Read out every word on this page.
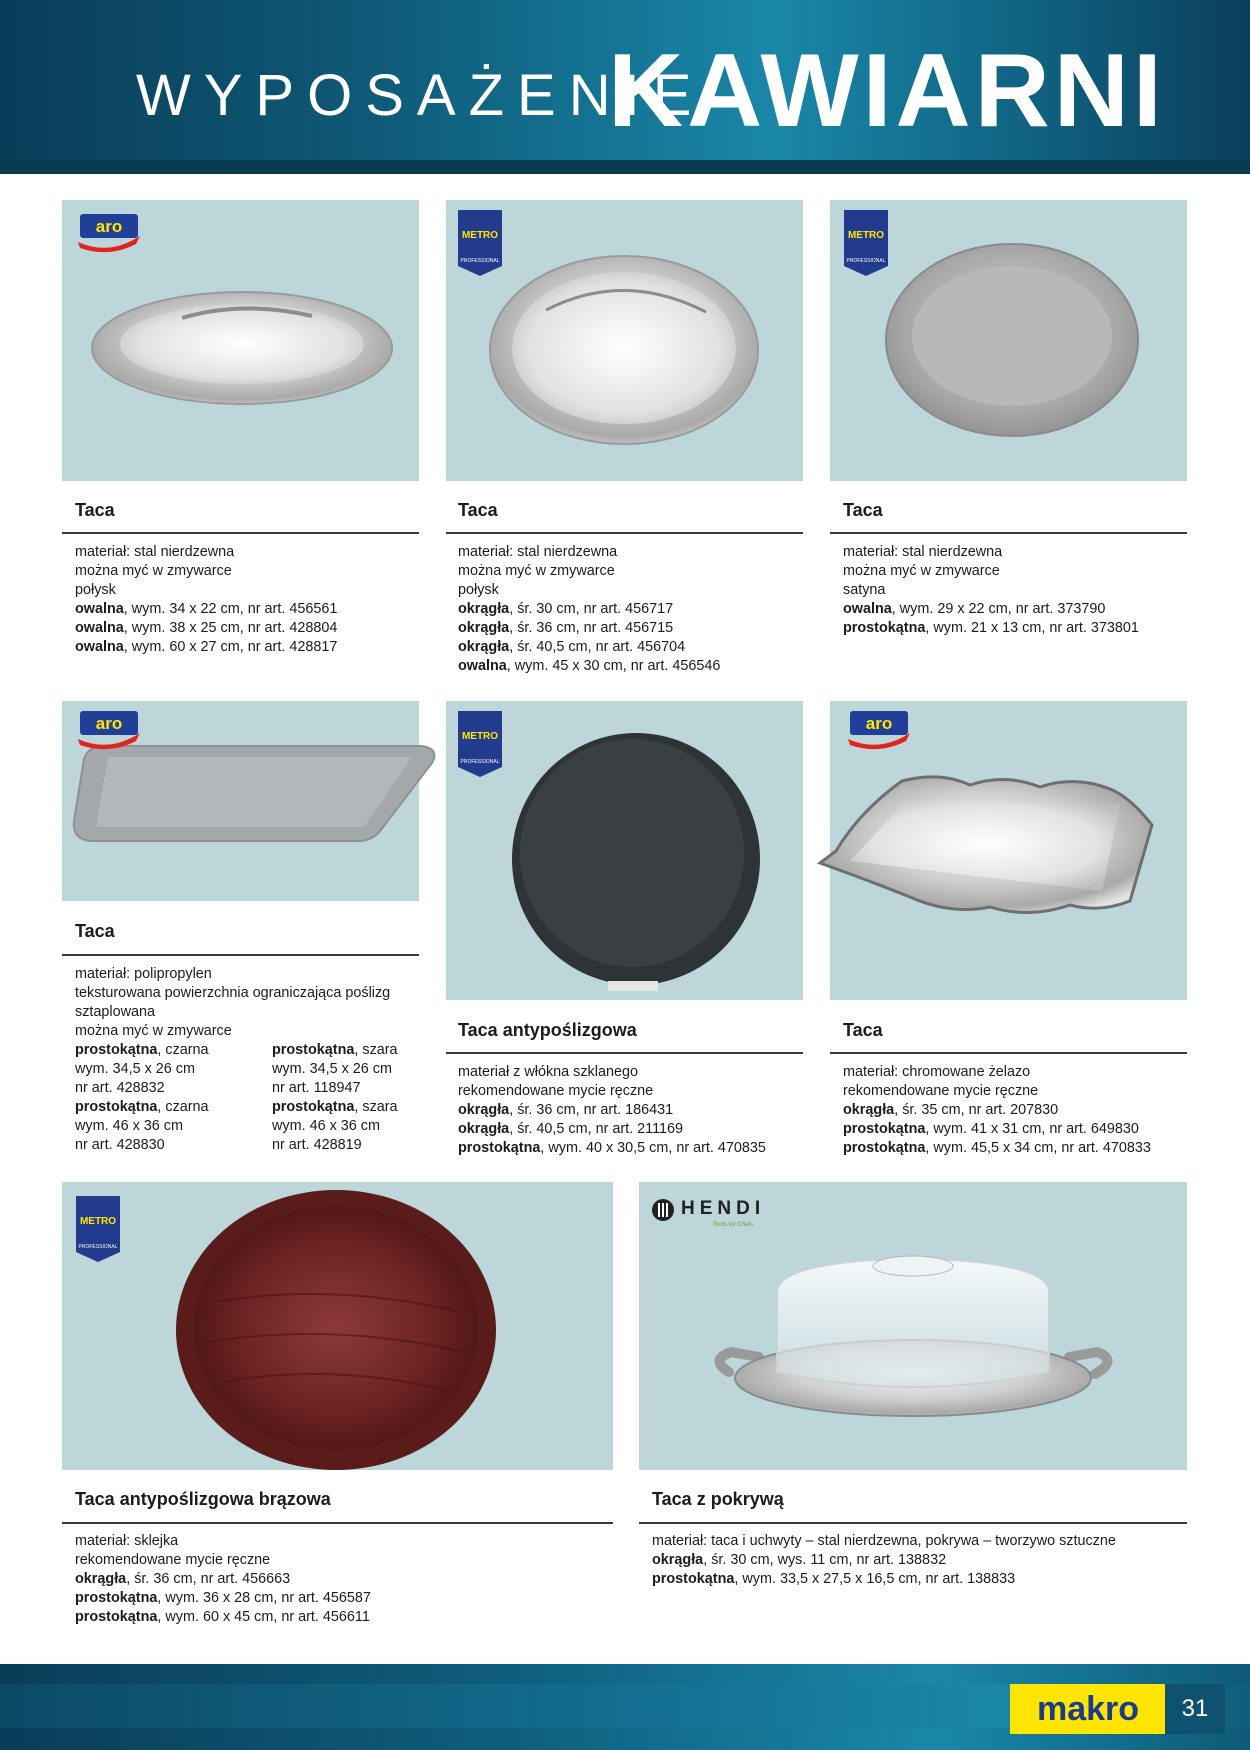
WYPOSAŻENIE
KAWIARNI
aro
Taca
materiał: stal nierdzewna
można myć w zmywarce
połysk
owalna, wym. 34 x 22 cm, nr art. 456561
owalna, wym. 38 x 25 cm, nr art. 428804
owalna, wym. 60 x 27 cm, nr art. 428817
METRO
PROFESSIONAL
Taca
materiał: stal nierdzewna
można myć w zmywarce
połysk
okrągła, śr. 30 cm, nr art. 456717
okrągła, śr. 36 cm, nr art. 456715
okrągła, śr. 40,5 cm, nr art. 456704
owalna, wym. 45 x 30 cm, nr art. 456546
METRO
PROFESSIONAL
Taca
materiał: stal nierdzewna
można myć w zmywarce
satyna
owalna, wym. 29 x 22 cm, nr art. 373790
prostokątna, wym. 21 x 13 cm, nr art. 373801
aro
Taca
materiał: polipropylen
teksturowana powierzchnia ograniczająca poślizg
sztaplowana
można myć w zmywarce
prostokątna, czarna
wym. 34,5 x 26 cm
nr art. 428832
prostokątna, czarna
wym. 46 x 36 cm
nr art. 428830
prostokątna, szara
wym. 34,5 x 26 cm
nr art. 118947
prostokątna, szara
wym. 46 x 36 cm
nr art. 428819
METRO
PROFESSIONAL
Taca antypoślizgowa
materiał z włókna szklanego
rekomendowane mycie ręczne
okrągła, śr. 36 cm, nr art. 186431
okrągła, śr. 40,5 cm, nr art. 211169
prostokątna, wym. 40 x 30,5 cm, nr art. 470835
aro
Taca
materiał: chromowane żelazo
rekomendowane mycie ręczne
okrągła, śr. 35 cm, nr art. 207830
prostokątna, wym. 41 x 31 cm, nr art. 649830
prostokątna, wym. 45,5 x 34 cm, nr art. 470833
METRO
PROFESSIONAL
Taca antypoślizgowa brązowa
materiał: sklejka
rekomendowane mycie ręczne
okrągła, śr. 36 cm, nr art. 456663
prostokątna, wym. 36 x 28 cm, nr art. 456587
prostokątna, wym. 60 x 45 cm, nr art. 456611
HENDI
Tools for Chefs
Taca z pokrywą
materiał: taca i uchwyty – stal nierdzewna, pokrywa – tworzywo sztuczne
okrągła, śr. 30 cm, wys. 11 cm, nr art. 138832
prostokątna, wym. 33,5 x 27,5 x 16,5 cm, nr art. 138833
makro	31
